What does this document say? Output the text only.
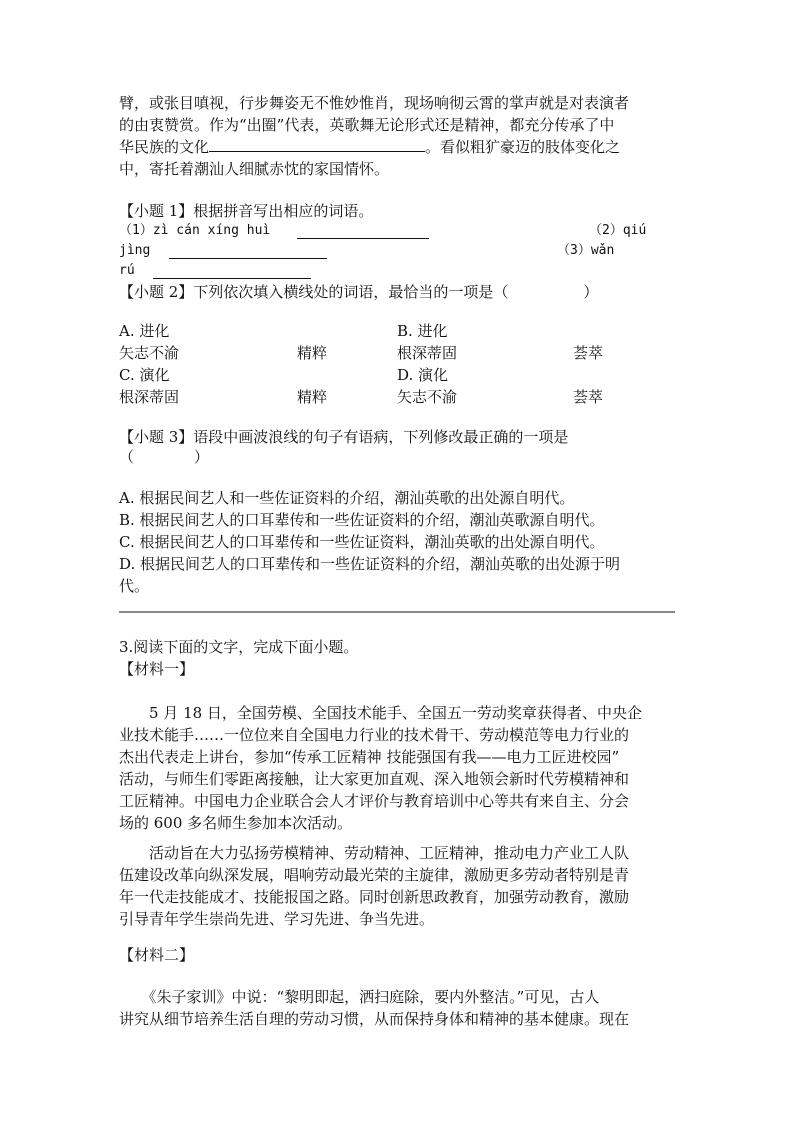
臂，或张目嗔视，行步舞姿无不惟妙惟肖，现场响彻云霄的掌声就是对表演者
的由衷赞赏。作为“出圈”代表，英歌舞无论形式还是精神，都充分传承了中
华民族的文化	。看似粗犷豪迈的肢体变化之
中，寄托着潮汕人细腻赤忱的家国情怀。
【小题 1】根据拼音写出相应的词语。
（1）zì cán xíng huì	（2）qiú
jìng	（3）wǎn
rú
【小题 2】下列依次填入横线处的词语，最恰当的一项是（　　　　　）
A. 进化	B. 进化
矢志不渝	精粹	根深蒂固	荟萃
C. 演化	D. 演化
根深蒂固	精粹	矢志不渝	荟萃
【小题 3】语段中画波浪线的句子有语病，下列修改最正确的一项是
（　　　　）
A. 根据民间艺人和一些佐证资料的介绍，潮汕英歌的出处源自明代。
B. 根据民间艺人的口耳辈传和一些佐证资料的介绍，潮汕英歌源自明代。
C. 根据民间艺人的口耳辈传和一些佐证资料，潮汕英歌的出处源自明代。
D. 根据民间艺人的口耳辈传和一些佐证资料的介绍，潮汕英歌的出处源于明
代。
3.阅读下面的文字，完成下面小题。
【材料一】
　　5 月 18 日，全国劳模、全国技术能手、全国五一劳动奖章获得者、中央企
业技术能手……一位位来自全国电力行业的技术骨干、劳动模范等电力行业的
杰出代表走上讲台，参加“传承工匠精神 技能强国有我——电力工匠进校园”
活动，与师生们零距离接触，让大家更加直观、深入地领会新时代劳模精神和
工匠精神。中国电力企业联合会人才评价与教育培训中心等共有来自主、分会
场的 600 多名师生参加本次活动。
　　活动旨在大力弘扬劳模精神、劳动精神、工匠精神，推动电力产业工人队
伍建设改革向纵深发展，唱响劳动最光荣的主旋律，激励更多劳动者特别是青
年一代走技能成才、技能报国之路。同时创新思政教育，加强劳动教育，激励
引导青年学生崇尚先进、学习先进、争当先进。
【材料二】
　　《朱子家训》中说：“黎明即起，洒扫庭除，要内外整洁。”可见，古人
讲究从细节培养生活自理的劳动习惯，从而保持身体和精神的基本健康。现在
